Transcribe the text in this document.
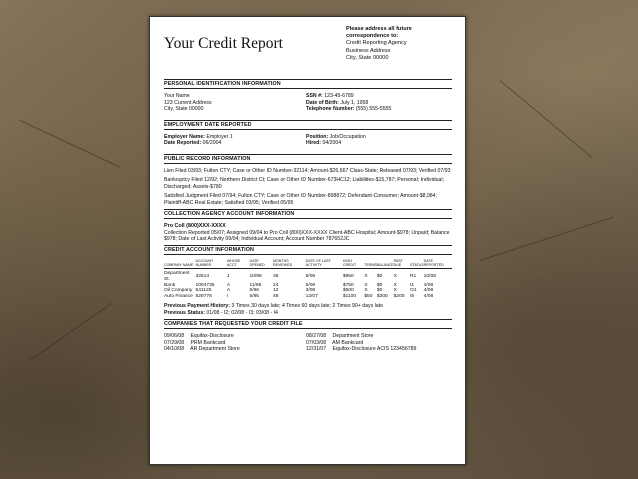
Your Credit Report
Please address all future correspondence to:
Credit Reporting Agency
Business Address
City, State 00000
PERSONAL IDENTIFICATION INFORMATION
Your Name
123 Current Address
City, State 00000
SSN #: 123-45-6789
Date of Birth: July 1, 1958
Telephone Number: (555) 555-5555
EMPLOYMENT DATE REPORTED
Employer Name: Employer 1
Date Reported: 06/2004
Position: Job/Occupation
Hired: 04/2004
PUBLIC RECORD INFORMATION
Lien Filed 03/93; Fulton CTY; Case or Other ID Number-32114; Amount-$26,667 Class-State; Released 07/93; Verified 07/93
Bankruptcy Filed 12/92; Northern District Ct; Case or Other ID Number-673HC12; Liabilities-$15,787; Personal; Individual; Discharged; Assets-$780
Satisfied Judgment Filed 07/94; Fulton CTY; Case or Other ID Number-898872; Defendant-Consumer; Amount-$8,984; Plaintiff-ABC Real Estate; Satisfied 03/95; Verified 05/95
COLLECTION AGENCY ACCOUNT INFORMATION
Pro Coll (800)XXX-XXXX
Collection Reported 05/07; Assigned 09/04 to Pro Coll (800)XXX-XXXX Client-ABC Hospital; Amount-$978; Unpaid; Balance $978; Date of Last Activity 09/04; Individual Account; Account Number 787652JC
CREDIT ACCOUNT INFORMATION
COMPANY NAME	ACCOUNT NUMBER	WHOSE ACCT.	DATE OPENED	MONTHS REVIEWED	DATE OF LAST ACTIVITY	HIGH CREDIT	TERMS	BALANCE	PAST DUE	STATUS	DATE REPORTED
Department St.	32514	J	10/96	36	9/08	$950	X	$0	X	R1	10/08
Bank	1004735	A	11/96	24	5/08	$750	X	$0	X	I1	4/08
Oil Company	541125	A	6/96	12	3/08	$500	X	$0	X	O1	4/08
Auto Finance	529778	I	5/95	48	12/07	$1100	$50	$300	$200	I5	4/08
Previous Payment History: 3 Times 30 days late; 4 Times 60 days late; 2 Times 90+ days late
Previous Status: 01/08 - I2; 02/08 - I3; 03/08 - I4
COMPANIES THAT REQUESTED YOUR CREDIT FILE
09/06/08 Equifax-Disclosure
07/29/08 PRM Bankcard
04/10/08 AR Department Store
08/27/08 Department Store
07/03/08 AM Bankcard
12/31/07 Equifax-Disclosure ACIS 123456789
